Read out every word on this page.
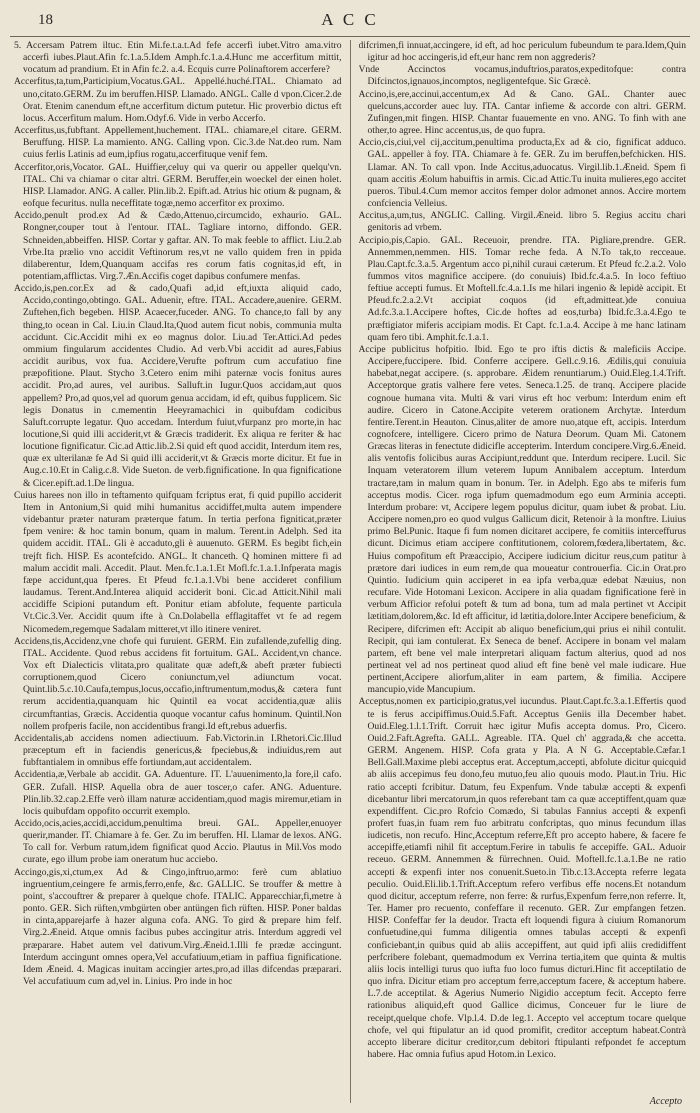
18	A C C

5. Accersam Patrem iltuc. Etin Mi.fe.t.a.t.Ad fefe accerfi iubet.Vitro ama.vitro accerfi iubes.Plaut.Afin fc.1.a.5.Idem Amph.fc.1.a.4.Hunc me accerfitum mittit, vocatum ad prandium. Et in Afin fc.2. a.4. Ecquis curre Polinaftorem accerfere?

Accerfitus,ta,tum,Participium,Vocatus.GAL. Appellé.huché.ITAL. Chiamato ad uno,citato.GERM. Zu im beruffen.HISP. Llamado. ANGL. Calle d vpon.Cicer.2.de Orat. Etenim canendum eft,ne accerfitum dictum putetur. Hic proverbio dictus eft locus. Accerfitum malum. Hom.Odyf.6. Vide in verbo Accerfo.

Accerfitus,us,fubftant. Appellement,huchement. ITAL. chiamare,el citare. GERM. Beruffung. HISP. La mamiento. ANG. Calling vpon. Cic.3.de Nat.deo rum. Nam cuius ferlis Latinis ad eum,ipfius rogatu,accerfituque venif fem.

Accerfitor,oris,Vocator. GAL. Huiffier,celuy qui va querir ou appeller quelqu'vn. ITAL. Chi va chiamar o citar altri. GERM. Beruffer,ein woeckel der einen holet. HISP. Llamador. ANG. A caller. Plin.lib.2. Epift.ad. Atrius hic otium & pugnam, & eofque fecuritus. nulla neceffitate togæ,nemo accerfitor ex proximo.

Accido,penult prod.ex Ad & Cædo,Attenuo,circumcido, exhaurio. GAL. Rongner,couper tout à l'entour. ITAL. Tagliare intorno, diffondo. GER. Schneiden,abbeiffen. HISP. Cortar y gaftar. AN. To mak feeble to afflict. Liu.2.ab Vrbe.Ita prælio vno accidit Veftinorum res,vt ne vallo quidem fren in ppida dilaberentur, Idem,Quanquam accifas res corum fatis cognitas,id eft, in potentiam,afflictas. Virg.7.Æn.Accifis coget dapibus confumere menfas.

Accido,is,pen.cor.Ex ad & cado,Quafi ad,id eft,iuxta aliquid cado, Accido,contingo,obtingo. GAL. Aduenir, eftre. ITAL. Accadere,auenire. GERM. Zuftehen,fich begeben. HISP. Acaecer,fuceder. ANG. To chance,to fall by any thing,to ocean in Cal. Liu.in Claud.Ita,Quod autem ficut nobis, communia multa accidunt. Cic.Accidit mihi ex eo magnus dolor. Liu.ad Ter.Attici.Ad pedes ommium fingularum accidentes Cludio. Ad verb.Vbi accidit ad aures,Fabius accidit auribus, vox fua. Accidere,Verufte poftrum cum accufatiuo fine præpofitione. Plaut. Stycho 3.Cetero enim mihi paternæ vocis fonitus aures accidit. Pro,ad aures, vel auribus. Salluft.in Iugur.Quos accidam,aut quos appellem? Pro,ad quos,vel ad quorum genua accidam, id eft, quibus fupplicem. Sic legis Donatus in c.mementin Heeyramachici in quibufdam codicibus Saluft.corrupte legatur. Quo accedam. Interdum fuiut,vfurpanz pro morte,in hac locutione,Si quid illi acciderit,vt & Græcis tradiderit. Ex aliqua re feriter & hac locutione fignificatur. Cic.ad Attic.lib.2.Si quid eft quod accidit, Interdum item res, quæ ex ulterilanæ fe Ad Si quid illi acciderit,vt & Græcis morte dicitur. Et fue in Aug.c.10.Et in Calig.c.8. Vide Sueton. de verb.fignificatione. In qua fignificatione & Cicer.epift.ad.1.De lingua.

Cuius harees non illo in teftamento quifquam fcriptus erat, fi quid pupillo acciderit Item in Antonium,Si quid mihi humanitus accidiffet,multa autem impendere videbantur præter naturam præterque fatum. In tertia perfona figniticat,præter fpem venire: & hoc tamin bonum, quam in malum. Terent.in Adelph. Sed ita quidem accidit. ITAL. Gli è accaduto,gli è auuenuto. GERM. Es begibt fich,ein trejft fich. HISP. Es acontefcido. ANGL. It chanceth. Q hominen mittere fi ad malum accidit mali. Accedit. Plaut. Men.fc.1.a.1.Et Mofl.fc.1.a.1.Infperata magis fæpe accidunt,qua fperes. Et Pfeud fc.1.a.1.Vbi bene accideret confilium laudamus. Terent.And.Interea aliquid acciderit boni. Cic.ad Atticit.Nihil mali accidiffe Scipioni putandum eft. Ponitur etiam abfolute, fequente particula Vt.Cic.3.Ver. Accidit quum ifte à Cn.Dolabella efflagitaffet vt fe ad regem Nicomedem,regemque Sadalam mitteret,vt illo itinere veniret.

Accidens,tis,Accidenz,vne chofe qui furuient. GERM. Ein zufallende,zufellig ding. ITAL. Accidente. Quod rebus accidens fit fortuitum. GAL. Accident,vn chance. Vox eft Dialecticis vlitata,pro qualitate quæ adeft,& abeft præter fubiecti corruptionem,quod Cicero coniunctum,vel adiunctum vocat. Quint.lib.5.c.10.Caufa,tempus,locus,occafio,inftrumentum,modus,& cætera funt rerum accidentia,quanquam hic Quintil ea vocat accidentia,quæ aliis circumftantias, Græcis. Accidentia quoque vocantur cafus hominum. Quintil.Non nollem profperis facile, non accidentibus frangi.Id eft,rebus aduerfis.

Accidentalis,ab accidens nomen adiectiuum. Fab.Victorin.in I.Rhetori.Cic.Illud præceptum eft in faciendis genericus,& fpeciebus,& indiuidus,rem aut fubftantialem in omnibus effe fortiundam,aut accidentalem.

Accidentia,æ,Verbale ab accidit. GA. Aduenture. IT. L'auuenimento,la fore,il cafo. GER. Zufall. HISP. Aquella obra de auer toscer,o cafer. ANG. Aduenture. Plin.lib.32.cap.2.Effe verò illam naturæ accidentiam,quod magis miremur,etiam in locis quibufdam oppofito occurrit exemplo.

Accido,ocis,acies,accidi,accidum,penultima breui. GAL. Appeller,enuoyer querir,mander. IT. Chiamare à fe. Ger. Zu im beruffen. HI. Llamar de lexos. ANG. To call for. Verbum ratum,idem fignificat quod Accio. Plautus in Mil.Vos modo curate, ego illum probe iam oneratum huc acciebo.

Accingo,gis,xi,ctum,ex Ad & Cingo,inftruo,armo: ferè cum ablatiuo ingruentium,ceingere fe armis,ferro,enfe, &c. GALLIC. Se trouffer & mettre à point, s'accouftrer & preparer à quelque chofe. ITALIC. Apparecchiar,fi,metre à ponto. GER. Sich rüften,vmbgürten ober antüngen fich rüften. HISP. Poner baldas in cinta,apparejarfe à hazer alguna cofa. ANG. To gird & prepare him felf. Virg.2.Æneid. Atque omnis facibus pubes accingitur atris. Interdum aggredi vel præparare. Habet autem vel dativum.Virg.Æneid.1.Illi fe prædæ accingunt. Interdum accingunt omnes opera,Vel accufatiuum,etiam in paffiua fignificatione. Idem Æneid. 4. Magicas inuitam accingier artes,pro,ad illas difcendas præparari. Vel accufatiuum cum ad,vel in. Linius. Pro inde in hoc

difcrimen,fi innuat,accingere, id eft, ad hoc periculum fubeundum te para.Idem,Quin igitur ad hoc accingeris,id eft,eur hanc rem non aggrederis?

Vnde Accinctos vocamus,induftrios,paratos,expeditofque: contra Difcinctos,ignauos,incomptos, negligentefque. Sic Græcè.

Accino,is,ere,accinui,accentum,ex Ad & Cano. GAL. Chanter auec quelcuns,accorder auec luy. ITA. Cantar infieme & accorde con altri. GERM. Zufingen,mit fingen. HISP. Chantar fuauemente en vno. ANG. To finh with ane other,to agree. Hinc accentus,us, de quo fupra.

Accio,cis,ciui,vel cij,accitum,penultima producta,Ex ad & cio, fignificat adduco. GAL. appeller à foy. ITA. Chiamare à fe. GER. Zu im beruffen,befchicken. HIS. Llamar. AN. To call vpon. Inde Accitus,aduocatus. Virgil.lib.1.Æneid. Spem fi quam accitis Æolum habuiftis in armis. Cic.ad Attic.Tu inuita mulieres,ego accitet pueros. Tibul.4.Cum memor accitos femper dolor admonet annos. Accire mortem confciencia Velleius.

Accitus,a,um,tus, ANGLIC. Calling. Virgil.Æneid. libro 5. Regius accitu chari genitoris ad vrbem.

Accipio,pis,Capio. GAL. Receuoir, prendre. ITA. Pigliare,prendre. GER. Annemmen,nemmen. HIS. Tomar reche feda. A N.To tak,to recceaue. Plau.Capt.fc.3.a.5. Argentum acco pi,nihil curaui cæterum. Et Pfeud fc.2.a.2. Volo fummos vitos magnifice accipere. (do conuiuis) Ibid.fc.4.a.5. In loco feftiuo feftiue accepti fumus. Et Moftell.fc.4.a.1.Is me hilari ingenio & lepidè accipit. Et Pfeud.fc.2.a.2.Vt accipiat coquos (id eft,admitteat.)de conuiua Ad.fc.3.a.1.Accipere hoftes, Cic.de hoftes ad eos,turba) Ibid.fc.3.a.4.Ego te præftigiator miferis accipiam modis. Et Capt. fc.1.a.4. Accipe à me hanc latinam quam fero tibi. Amphit.fc.1.a.1.

Accipe publicitus hofpitio. Ibid. Ego te pro iftis dictis & maleficiis Accipe. Accipere,fuccipere. Ibid. Conferre accipere. Gell.c.9.16. Ædilis,qui conuiuia habebat,negat accipere. (s. approbare. Æidem renuntiarum.) Ouid.Eleg.1.4.Trift. Acceptorque gratis valhere fere vetes. Seneca.1.25. de tranq. Accipere placide cognoue humana vita. Multi & vari virus eft hoc verbum: Interdum enim eft audire. Cicero in Catone.Accipite veterem orationem Archytæ. Interdum fentire.Terent.in Heauton. Cinus,aliter de amore nuo,atque eft, accipis. Interdum cognofcere, intelligere. Cicero primo de Natura Deorum. Quam Mi. Catonem Græcas literas in fenectute didicifle accepterim. Interdum concipere.Virg.6.Æneid. alis ventofis folicibus auras Accipiunt,reddunt que. Interdum recipere. Lucil. Sic Inquam veteratorem illum veterem Iupum Annibalem acceptum. Interdum tractare,tam in malum quam in bonum. Ter. in Adelph. Ego abs te miferis fum acceptus modis. Cicer. roga ipfum quemadmodum ego eum Arminia accepti. Interdum probare: vt, Accipere legem populus dicitur, quam iubet & probat. Liu. Accipere nomen,pro eo quod vulgus Gallicum dicit, Retenoir à la monftre. Liuius primo Bel.Punic. Itaque fi fum nomen dicitaret accipere, fe comitiis interceffurus dicunt. Dicimus etiam accipere conftitutionem, colorem,fœdera,libertatem, &c. Huius compofitum eft Præaccipio, Accipere iudicium dicitur reus,cum patitur à prætore dari iudices in eum rem,de qua moueatur controuerfia. Cic.in Orat.pro Quintio. Iudicium quin acciperet in ea ipfa verba,quæ edebat Næuius, non recufare. Vide Hotomani Lexicon. Accipere in alia quadam fignificatione ferè in verbum Afficior refolui poteft & tum ad bona, tum ad mala pertinet vt Accipit lætitiam,dolorem,&c. Id eft afficitur, id lætitia,dolore.Inter Accipere beneficium, & Recipere, difcrimen eft: Accipit ab aliquo beneficium,qui prius ei nihil contulit. Recipit, qui iam contulerat. Ex Seneca de benef. Accipere in bonam vel malam partem, eft bene vel male interpretari aliquam factum alterius, quod ad nos pertineat vel ad nos pertineat quod aliud eft fine benè vel male iudicare. Hue pertinent,Accipere aliorfum,aliter in eam partem, & fimilia. Accipere mancupio,vide Mancupium.

Acceptus,nomen ex participio,gratus,vel iucundus. Plaut.Capt.fc.3.a.1.Effertis quod te is ferus accipiffimus.Ouid.5.Faft. Acceptus Geniis illa December habet. Ouid.Eleg.1.l.1.Trift. Corruit hæc igitur Mufis accepta domus. Pro, Cicero. Ouid.2.Faft.Agrefta. GALL. Agreable. ITA. Quel ch' aggrada,& che accetta. GERM. Angenem. HISP. Cofa grata y Pla. A N G. Acceptable.Cæfar.1 Bell.Gall.Maxime plebi acceptus erat. Acceptum,accepti, abfolute dicitur quicquid ab aliis accepimus feu dono,feu mutuo,feu alio quouis modo. Plaut.in Triu. Hic ratio accepti fcribitur. Datum, feu Expenfum. Vnde tabulæ accepti & expenfi dicebantur libri mercatorum,in quos referebant tam ca quæ acceptiffent,quam quæ expendiffent. Cic.pro Rofcio Comædo, Si tabulas Fannius accepti & expenfi profert fuas,in fuam rem fuo arbitratu confcriptas, quo minus fecundum illas iudicetis, non recufo. Hinc,Acceptum referre,Eft pro accepto habere, & facere fe accepiffe,etiamfi nihil fit acceptum.Ferire in tabulis fe accepiffe. GAL. Aduoir receuo. GERM. Annemmen & fürrechnen. Ouid. Moftell.fc.1.a.1.Be ne ratio accepti & expenfi inter nos conuenit.Sueto.in Tib.c.13.Accepta referre legata peculio. Ouid.Eli.lib.1.Trift.Acceptum refero verfibus effe nocens.Et notandum quod dicitur, acceptum referre, non ferre: & rurfus,Expenfum ferre,non referre. It, Ter. Hamer pro recuento, confeffare il recenuto. GER. Zur empfangen fetzen. HISP. Confeffar fer la deudor. Tracta eft loquendi figura à ciuium Romanorum confuetudine,qui fumma diligentia omnes tabulas accepti & expenfi conficiebant,in quibus quid ab aliis accepiffent, aut quid ipfi aliis credidiffent perfcribere folebant, quemadmodum ex Verrina tertia,item que quinta & multis aliis locis intelligi turus quo iufta fuo loco fumus dicturi.Hinc fit acceptilatio de quo infra. Dicitur etiam pro acceptum ferre,acceptum facere, & acceptum habere. L.7.de acceptilat. & Agerius Numerio Nigidio acceptum fecit. Accepto ferre rationibus aliquid,eft quod Gallice dicimus, Conceuer fur le liure de receipt,quelque chofe. Vlp.l.4. D.de leg.1. Accepto vel acceptum tocare quelque chofe, vel qui ftipulatur an id quod promifit, creditor acceptum habeat.Contrà accepto liberare dicitur creditor,cum debitori ftipulanti refpondet fe acceptum habere. Hac omnia fufius apud Hotom.in Lexico.

Accepto
